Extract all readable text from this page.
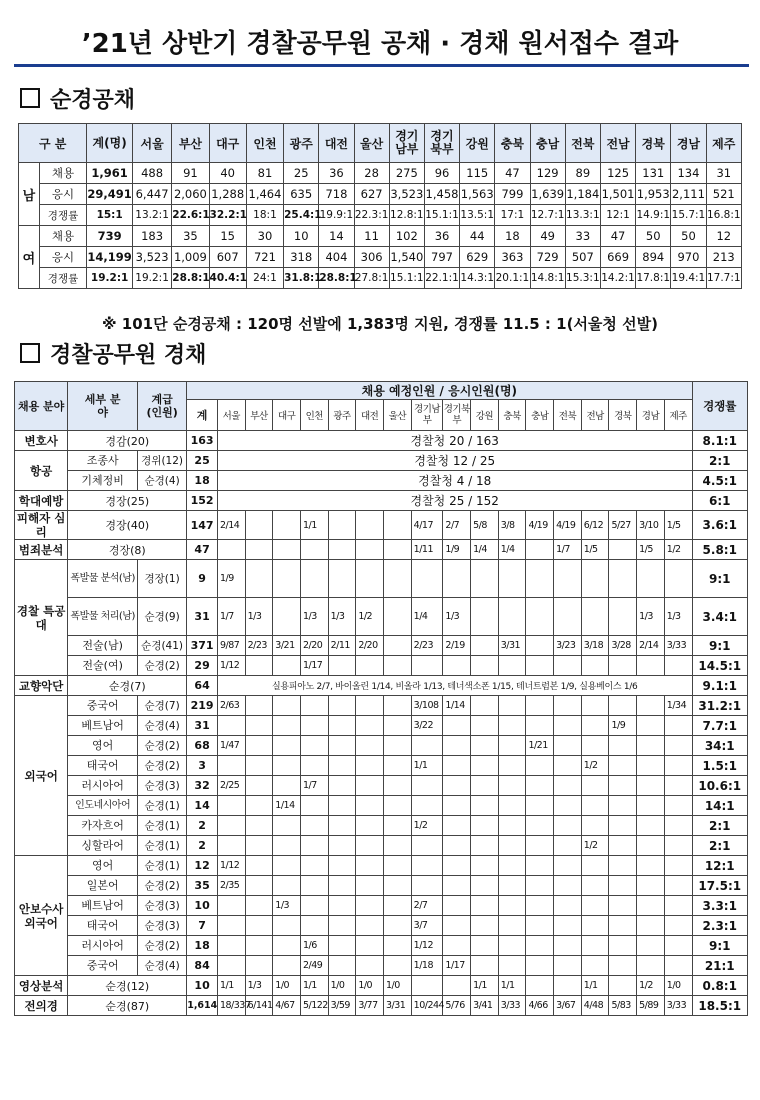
’21년 상반기 경찰공무원 공채 · 경채 원서접수 결과
순경공채
구 분		계(명)	서울	부산	대구	인천	광주	대전	울산	경기남부	경기북부	강원	충북	충남	전북	전남	경북	경남	제주
남	채용	1,961	488	91	40	81	25	36	28	275	96	115	47	129	89	125	131	134	31
	응시	29,491	6,447	2,060	1,288	1,464	635	718	627	3,523	1,458	1,563	799	1,639	1,184	1,501	1,953	2,111	521
	경쟁률	15:1	13.2:1	22.6:1	32.2:1	18:1	25.4:1	19.9:1	22.3:1	12.8:1	15.1:1	13.5:1	17:1	12.7:1	13.3:1	12:1	14.9:1	15.7:1	16.8:1
여	채용	739	183	35	15	30	10	14	11	102	36	44	18	49	33	47	50	50	12
	응시	14,199	3,523	1,009	607	721	318	404	306	1,540	797	629	363	729	507	669	894	970	213
	경쟁률	19.2:1	19.2:1	28.8:1	40.4:1	24:1	31.8:1	28.8:1	27.8:1	15.1:1	22.1:1	14.3:1	20.1:1	14.8:1	15.3:1	14.2:1	17.8:1	19.4:1	17.7:1
※ 101단 순경공채 : 120명 선발에 1,383명 지원, 경쟁률 11.5 : 1(서울청 선발)
경찰공무원 경채
채용 분야	세부 분야	계급 (인원)	채용 예정인원 / 응시인원(명)																		경쟁률
			계	서울	부산	대구	인천	광주	대전	울산	경기남부	경기북부	강원	충북	충남	전북	전남	경북	경남	제주	
변호사	경감(20)		163	경찰청 20 / 163																	8.1:1
항공	조종사	경위(12)	25	경찰청 12 / 25																	2:1
	기체정비	순경(4)	18	경찰청 4 / 18																	4.5:1
학대예방	경장(25)		152	경찰청 25 / 152																	6:1
피해자 심리	경장(40)		147	2/14			1/1				4/17	2/7	5/8	3/8	4/19	4/19	6/12	5/27	3/10	1/5	3.6:1
범죄분석	경장(8)		47								1/11	1/9	1/4	1/4		1/7	1/5		1/5	1/2	5.8:1
경찰 특공대	폭발물 분석(남)	경장(1)	9	1/9																	9:1
	폭발물 처리(남)	순경(9)	31	1/7	1/3		1/3	1/3	1/2		1/4	1/3							1/3	1/3	3.4:1
	전술(남)	순경(41)	371	9/87	2/23	3/21	2/20	2/11	2/20		2/23	2/19		3/31		3/23	3/18	3/28	2/14	3/33	9:1
	전술(여)	순경(2)	29	1/12			1/17														14.5:1
교향악단	순경(7)		64	실용피아노 2/7, 바이올린 1/14, 비올라 1/13, 테너색소폰 1/15, 테너트럼본 1/9, 실용베이스 1/6																	9.1:1
외국어	중국어	순경(7)	219	2/63							3/108	1/14								1/34	31.2:1
	베트남어	순경(4)	31								3/22							1/9			7.7:1
	영어	순경(2)	68	1/47											1/21						34:1
	태국어	순경(2)	3								1/1						1/2				1.5:1
	러시아어	순경(3)	32	2/25			1/7														10.6:1
	인도네시아어	순경(1)	14			1/14															14:1
	카자흐어	순경(1)	2								1/2										2:1
	싱할라어	순경(1)	2														1/2				2:1
안보수사 외국어	영어	순경(1)	12	1/12																	12:1
	일본어	순경(2)	35	2/35																	17.5:1
	베트남어	순경(3)	10			1/3					2/7										3.3:1
	태국어	순경(3)	7								3/7										2.3:1
	러시아어	순경(2)	18				1/6				1/12										9:1
	중국어	순경(4)	84				2/49				1/18	1/17									21:1
영상분석	순경(12)		10	1/1	1/3	1/0	1/1	1/0	1/0	1/0			1/1	1/1			1/1		1/2	1/0	0.8:1
전의경	순경(87)		1,614	18/337	6/141	4/67	5/122	3/59	3/77	3/31	10/244	5/76	3/41	3/33	4/66	3/67	4/48	5/83	5/89	3/33	18.5:1
